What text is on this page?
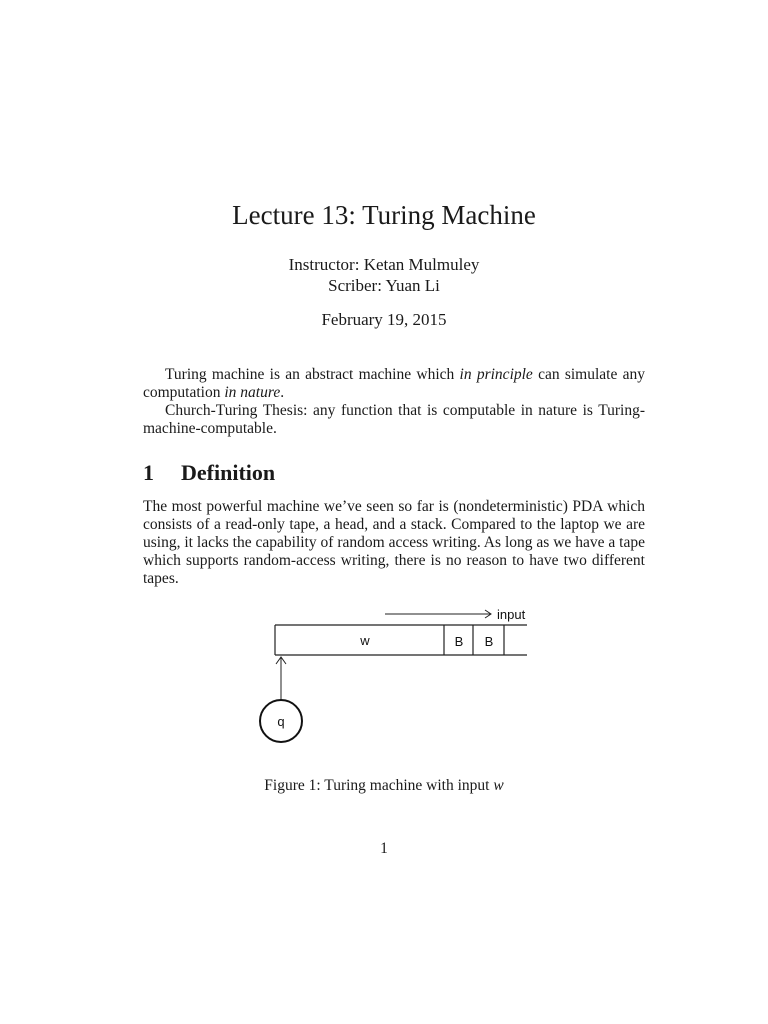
Lecture 13: Turing Machine
Instructor: Ketan Mulmuley
Scriber: Yuan Li
February 19, 2015

Turing machine is an abstract machine which in principle can simulate any computation in nature.

Church-Turing Thesis: any function that is computable in nature is Turing-machine-computable.

1 Definition

The most powerful machine we’ve seen so far is (nondeterministic) PDA which consists of a read-only tape, a head, and a stack. Compared to the laptop we are using, it lacks the capability of random access writing. As long as we have a tape which supports random-access writing, there is no reason to have two different tapes.

input
w	B B
q
Figure 1: Turing machine with input w
1
